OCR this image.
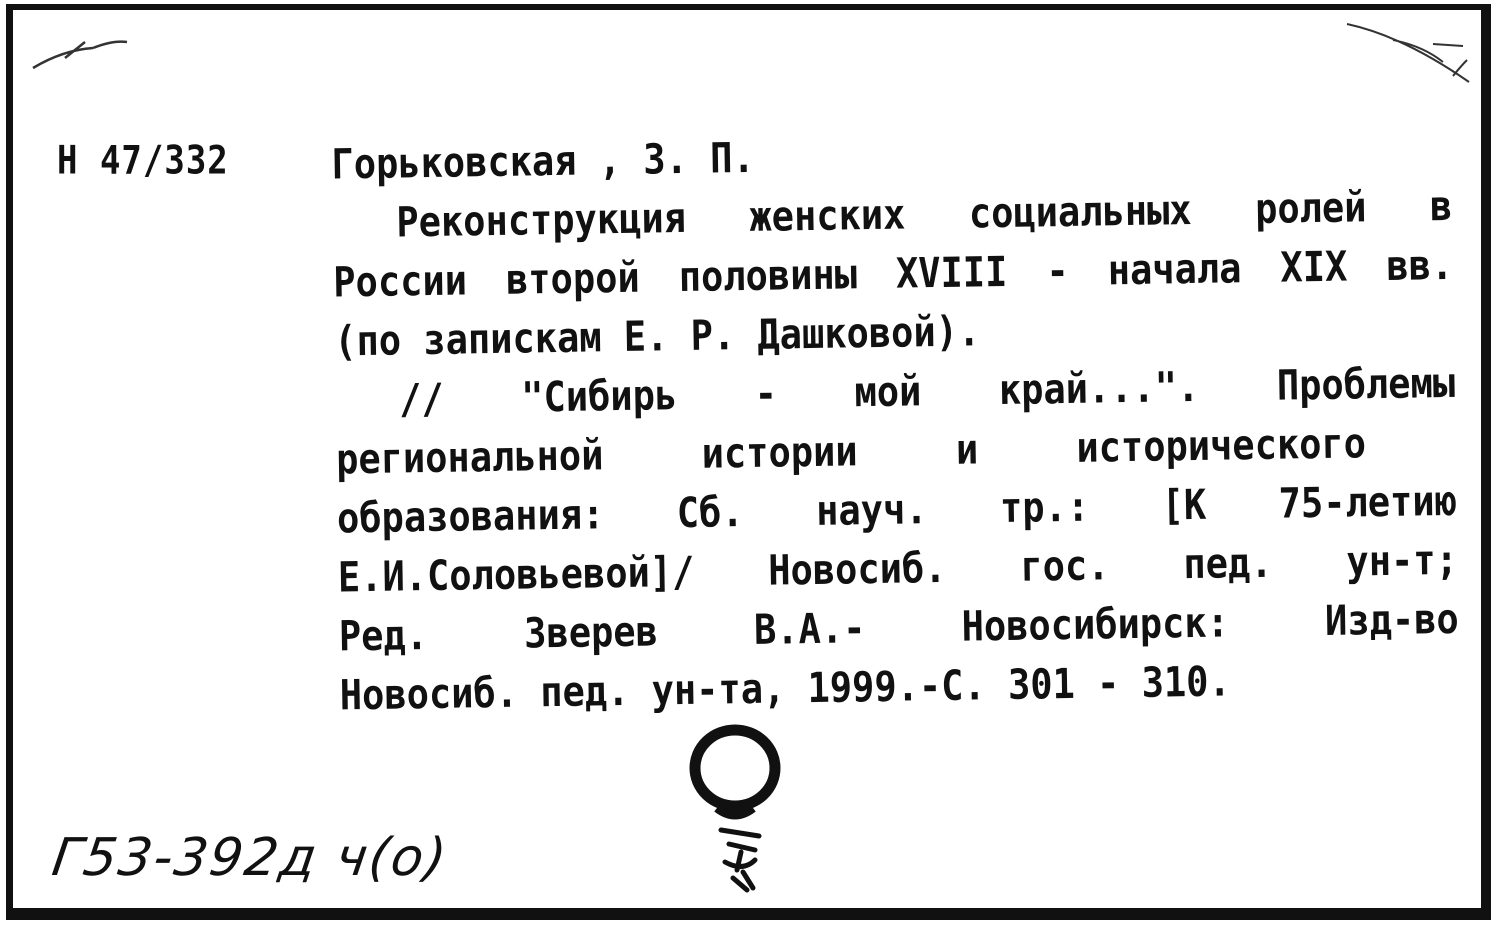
Н 47/332	Горьковская , З. П.
Реконструкция женских социальных ролей в
России второй половины XVIII - начала XIX вв.
(по запискам Е. Р. Дашковой).
// "Сибирь - мой край...". Проблемы
региональной истории и исторического
образования: Сб. науч. тр.: [К 75-летию
Е.И.Соловьевой]/ Новосиб. гос. пед. ун-т;
Ред. Зверев В.А.- Новосибирск: Изд-во
Новосиб. пед. ун-та, 1999.-С. 301 - 310.
Г53-392д ч(о)
